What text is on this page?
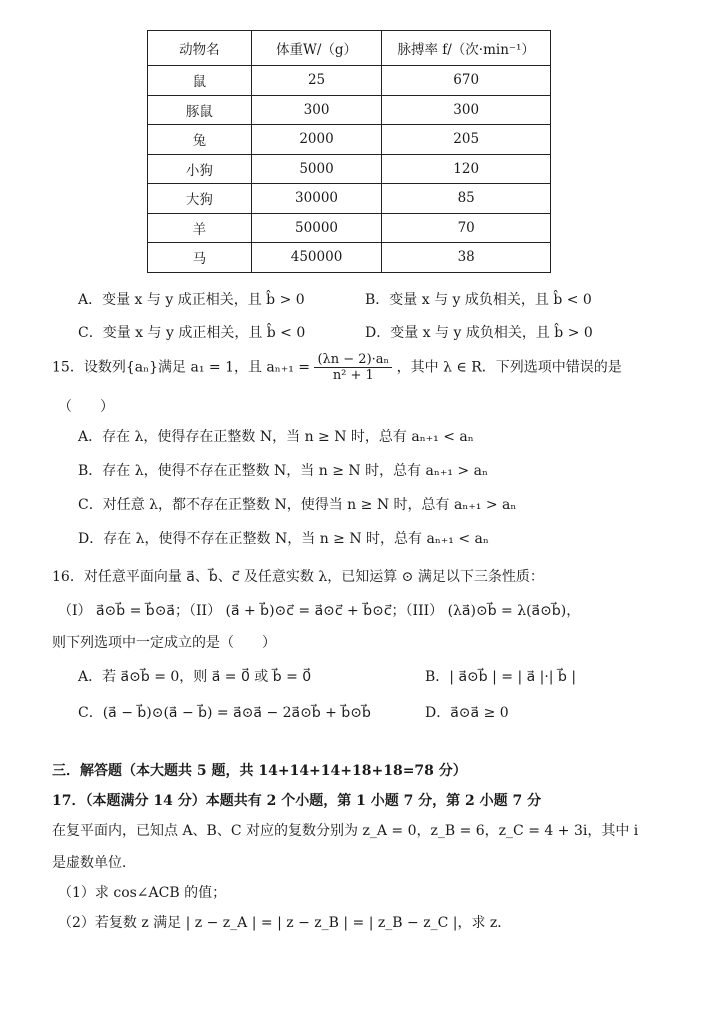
动物名	体重W/（g）	脉搏率 f/（次·min⁻¹）
鼠	25	670
豚鼠	300	300
兔	2000	205
小狗	5000	120
大狗	30000	85
羊	50000	70
马	450000	38
A．变量 x 与 y 成正相关，且 b̂ > 0	B．变量 x 与 y 成负相关，且 b̂ < 0
C．变量 x 与 y 成正相关，且 b̂ < 0	D．变量 x 与 y 成负相关，且 b̂ > 0
15．设数列{aₙ}满足 a₁ = 1，且 $a_{n+1} = \frac{\text{(λn − 2)·aₙ}}{\text{n² + 1}}$ ，其中 λ ∈ R．下列选项中错误的是
（　　）
A．存在 λ，使得存在正整数 N，当 n ≥ N 时，总有 aₙ₊₁ < aₙ
B．存在 λ，使得不存在正整数 N，当 n ≥ N 时，总有 aₙ₊₁ > aₙ
C．对任意 λ，都不存在正整数 N，使得当 n ≥ N 时，总有 aₙ₊₁ > aₙ
D．存在 λ，使得不存在正整数 N，当 n ≥ N 时，总有 aₙ₊₁ < aₙ
16．对任意平面向量 a⃗、b⃗、c⃗ 及任意实数 λ，已知运算 ⊙ 满足以下三条性质：
（I） a⃗⊙b⃗ = b⃗⊙a⃗；（II） (a⃗ + b⃗)⊙c⃗ = a⃗⊙c⃗ + b⃗⊙c⃗；（III） (λa⃗)⊙b⃗ = λ(a⃗⊙b⃗)，
则下列选项中一定成立的是（　　）
A．若 a⃗⊙b⃗ = 0，则 a⃗ = 0⃗ 或 b⃗ = 0⃗	B．| a⃗⊙b⃗ | = | a⃗ |·| b⃗ |
C．(a⃗ − b⃗)⊙(a⃗ − b⃗) = a⃗⊙a⃗ − 2a⃗⊙b⃗ + b⃗⊙b⃗	D．a⃗⊙a⃗ ≥ 0
三．解答题（本大题共 5 题，共 14+14+14+18+18=78 分）
17．（本题满分 14 分）本题共有 2 个小题，第 1 小题 7 分，第 2 小题 7 分
在复平面内，已知点 A、B、C 对应的复数分别为 z_A = 0，z_B = 6，z_C = 4 + 3i，其中 i
是虚数单位．
（1）求 cos∠ACB 的值；
（2）若复数 z 满足 | z − z_A | = | z − z_B | = | z_B − z_C |，求 z．
